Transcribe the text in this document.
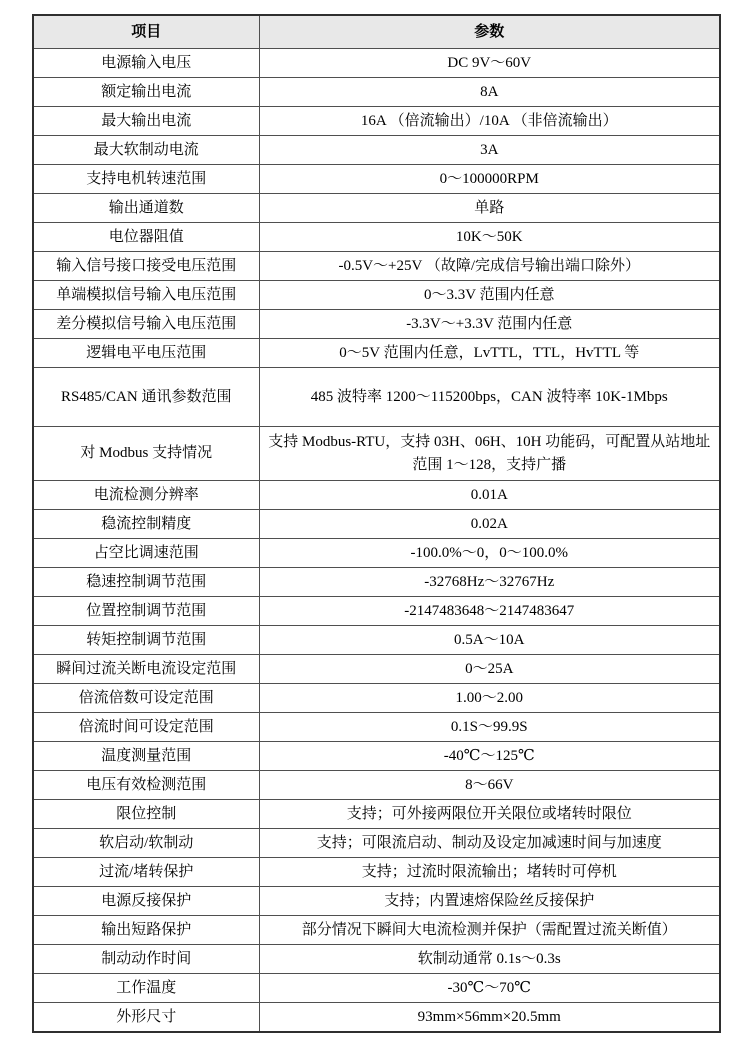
项目	参数
电源输入电压	DC 9V～60V
额定输出电流	8A
最大输出电流	16A （倍流输出）/10A （非倍流输出）
最大软制动电流	3A
支持电机转速范围	0～100000RPM
输出通道数	单路
电位器阻值	10K～50K
输入信号接口接受电压范围	-0.5V～+25V （故障/完成信号输出端口除外）
单端模拟信号输入电压范围	0～3.3V 范围内任意
差分模拟信号输入电压范围	-3.3V～+3.3V 范围内任意
逻辑电平电压范围	0～5V 范围内任意，LvTTL，TTL，HvTTL 等
RS485/CAN 通讯参数范围	485 波特率 1200～115200bps，CAN 波特率 10K-1Mbps
对 Modbus 支持情况	支持 Modbus-RTU，支持 03H、06H、10H 功能码，可配置从站地址范围 1～128，支持广播
电流检测分辨率	0.01A
稳流控制精度	0.02A
占空比调速范围	-100.0%～0，0～100.0%
稳速控制调节范围	-32768Hz～32767Hz
位置控制调节范围	-2147483648～2147483647
转矩控制调节范围	0.5A～10A
瞬间过流关断电流设定范围	0～25A
倍流倍数可设定范围	1.00～2.00
倍流时间可设定范围	0.1S～99.9S
温度测量范围	-40℃～125℃
电压有效检测范围	8～66V
限位控制	支持；可外接两限位开关限位或堵转时限位
软启动/软制动	支持；可限流启动、制动及设定加减速时间与加速度
过流/堵转保护	支持；过流时限流输出；堵转时可停机
电源反接保护	支持；内置速熔保险丝反接保护
输出短路保护	部分情况下瞬间大电流检测并保护（需配置过流关断值）
制动动作时间	软制动通常 0.1s～0.3s
工作温度	-30℃～70℃
外形尺寸	93mm×56mm×20.5mm
